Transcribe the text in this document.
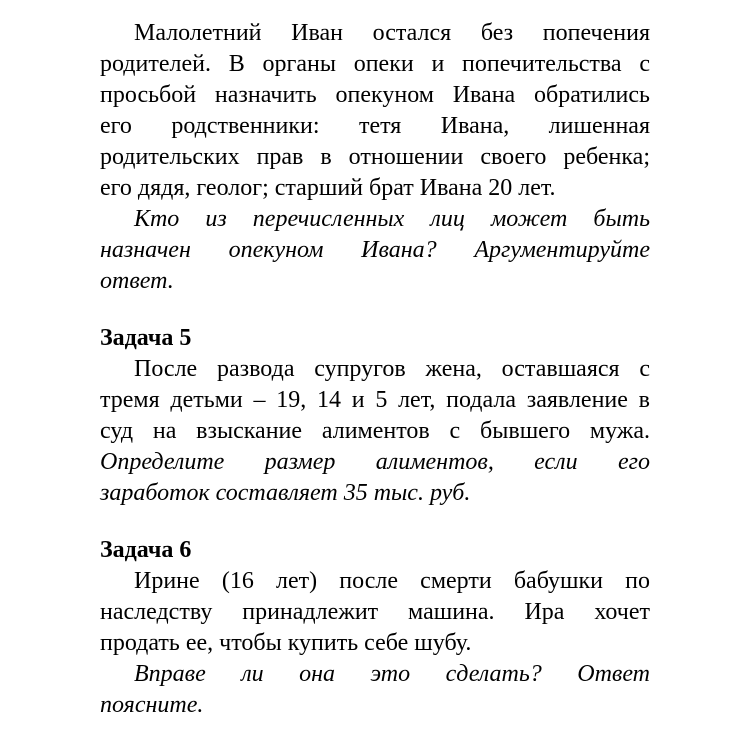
Малолетний Иван остался без попечения
родителей. В органы опеки и попечительства с
просьбой назначить опекуном Ивана обратились
его родственники: тетя Ивана, лишенная
родительских прав в отношении своего ребенка;
его дядя, геолог; старший брат Ивана 20 лет.
Кто из перечисленных лиц может быть
назначен опекуном Ивана? Аргументируйте
ответ.

Задача 5

После развода супругов жена, оставшаяся с
тремя детьми – 19, 14 и 5 лет, подала заявление в
суд на взыскание алиментов с бывшего мужа.
Определите размер алиментов, если его
заработок составляет 35 тыс. руб.

Задача 6

Ирине (16 лет) после смерти бабушки по
наследству принадлежит машина. Ира хочет
продать ее, чтобы купить себе шубу.
Вправе ли она это сделать? Ответ
поясните.
